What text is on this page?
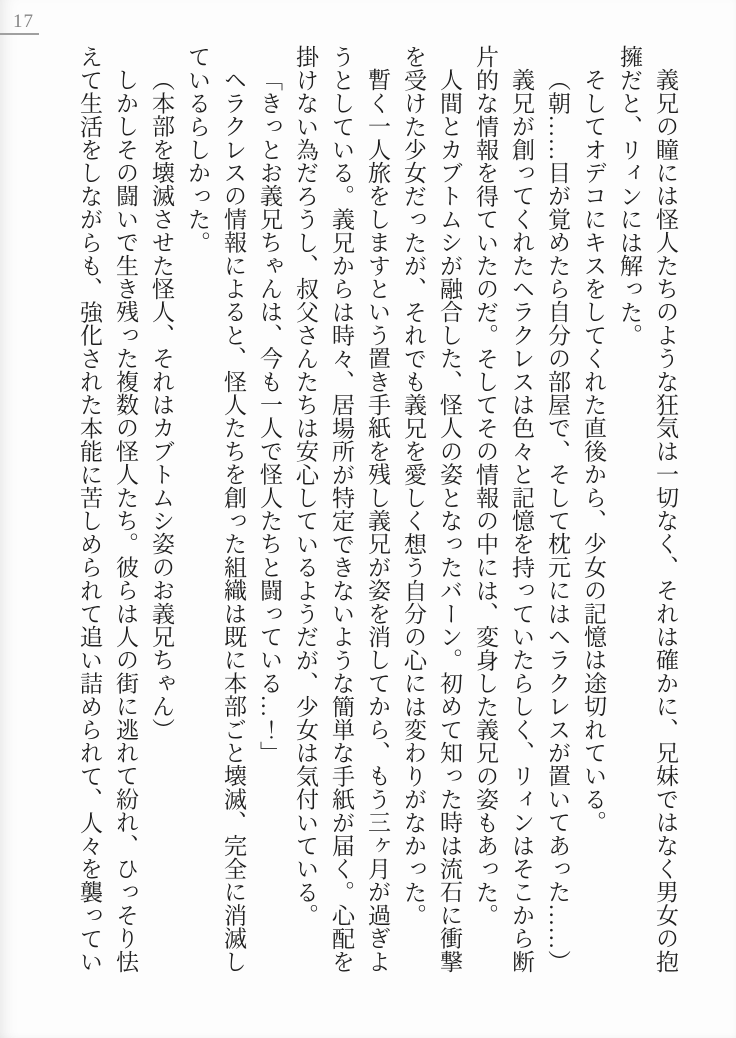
17

義兄の瞳には怪人たちのような狂気は一切なく、それは確かに、兄妹ではなく男女の抱擁だと、リィンには解った。

そしてオデコにキスをしてくれた直後から、少女の記憶は途切れている。

（朝……目が覚めたら自分の部屋で、そして枕元にはヘラクレスが置いてあった……）

義兄が創ってくれたヘラクレスは色々と記憶を持っていたらしく、リィンはそこから断片的な情報を得ていたのだ。そしてその情報の中には、変身した義兄の姿もあった。

人間とカブトムシが融合した、怪人の姿となったバーン。初めて知った時は流石に衝撃を受けた少女だったが、それでも義兄を愛しく想う自分の心には変わりがなかった。

暫く一人旅をしますという置き手紙を残し義兄が姿を消してから、もう三ヶ月が過ぎようとしている。義兄からは時々、居場所が特定できないような簡単な手紙が届く。心配を掛けない為だろうし、叔父さんたちは安心しているようだが、少女は気付いている。

「きっとお義兄ちゃんは、今も一人で怪人たちと闘っている…！」

ヘラクレスの情報によると、怪人たちを創った組織は既に本部ごと壊滅、完全に消滅しているらしかった。

（本部を壊滅させた怪人、それはカブトムシ姿のお義兄ちゃん）

しかしその闘いで生き残った複数の怪人たち。彼らは人の街に逃れて紛れ、ひっそり怯えて生活をしながらも、強化された本能に苦しめられて追い詰められて、人々を襲ってい
